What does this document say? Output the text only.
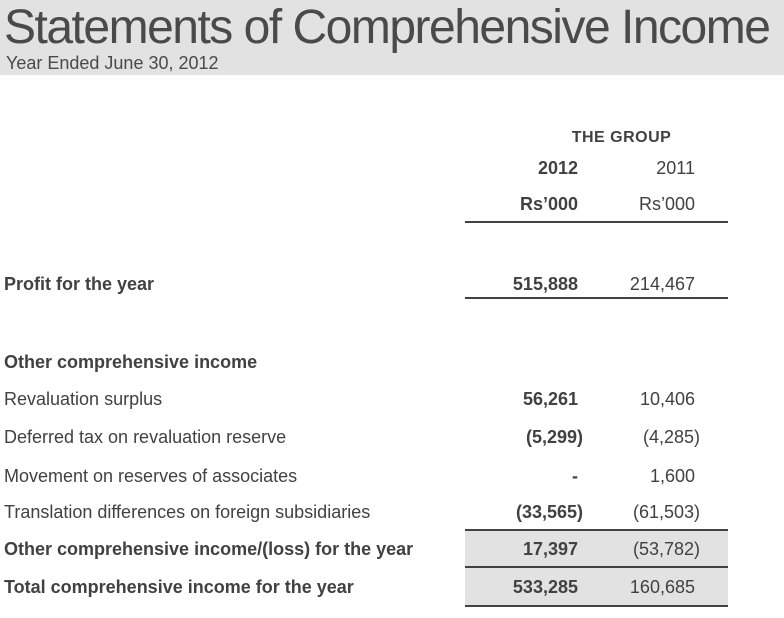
Statements of Comprehensive Income
Year Ended June 30, 2012
THE GROUP
2012	2011
Rs’000	Rs’000
Profit for the year	515,888	214,467
Other comprehensive income
Revaluation surplus	56,261	10,406
Deferred tax on revaluation reserve	(5,299)	(4,285)
Movement on reserves of associates	-	1,600
Translation differences on foreign subsidiaries	(33,565)	(61,503)
Other comprehensive income/(loss) for the year	17,397	(53,782)
Total comprehensive income for the year	533,285	160,685
